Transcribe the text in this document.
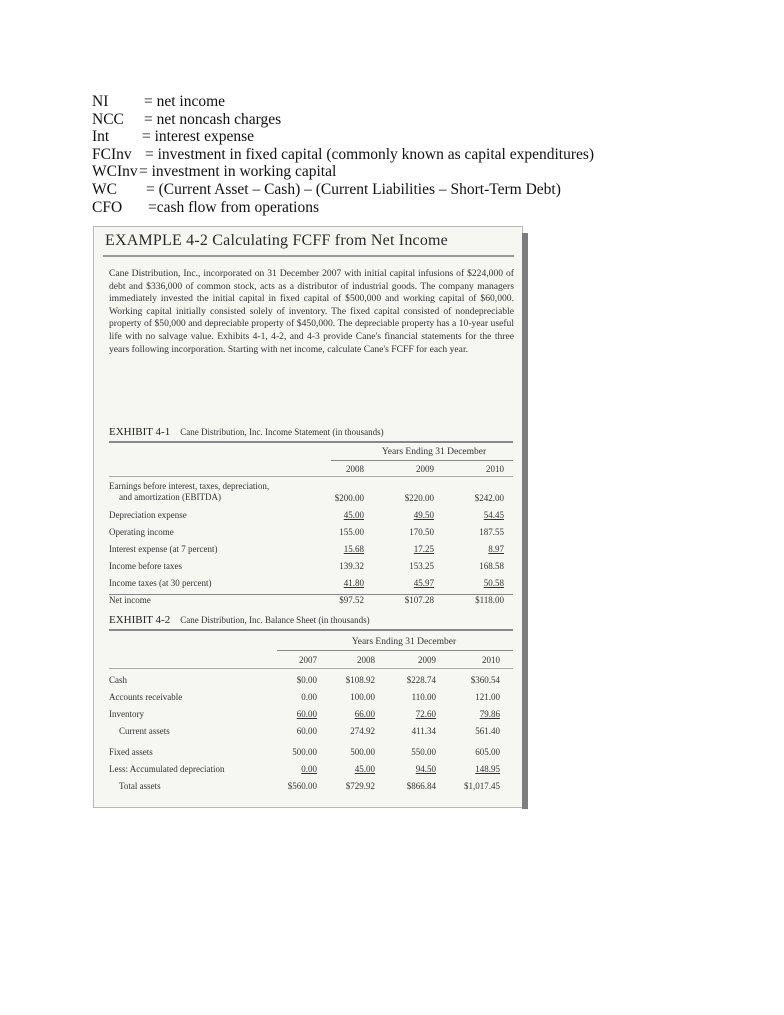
NI = net income
NCC = net noncash charges
Int = interest expense
FCInv = investment in fixed capital (commonly known as capital expenditures)
WCInv= investment in working capital
WC = (Current Asset – Cash) – (Current Liabilities – Short-Term Debt)
CFO =cash flow from operations
EXAMPLE 4-2 Calculating FCFF from Net Income
Cane Distribution, Inc., incorporated on 31 December 2007 with initial capital infusions of $224,000 of debt and $336,000 of common stock, acts as a distributor of industrial goods. The company managers immediately invested the initial capital in fixed capital of $500,000 and working capital of $60,000. Working capital initially consisted solely of inventory. The fixed capital consisted of nondepreciable property of $50,000 and depreciable property of $450,000. The depreciable property has a 10-year useful life with no salvage value. Exhibits 4-1, 4-2, and 4-3 provide Cane's financial statements for the three years following incorporation. Starting with net income, calculate Cane's FCFF for each year.
EXHIBIT 4-1 Cane Distribution, Inc. Income Statement (in thousands)
Years Ending 31 December
2008	2009	2010
Earnings before interest, taxes, depreciation,
and amortization (EBITDA)	$200.00	$220.00	$242.00
Depreciation expense	45.00	49.50	54.45
Operating income	155.00	170.50	187.55
Interest expense (at 7 percent)	15.68	17.25	8.97
Income before taxes	139.32	153.25	168.58
Income taxes (at 30 percent)	41.80	45.97	50.58
Net income	$97.52	$107.28	$118.00
EXHIBIT 4-2 Cane Distribution, Inc. Balance Sheet (in thousands)
Years Ending 31 December
2007	2008	2009	2010
Cash	$0.00	$108.92	$228.74	$360.54
Accounts receivable	0.00	100.00	110.00	121.00
Inventory	60.00	66.00	72.60	79.86
Current assets	60.00	274.92	411.34	561.40
Fixed assets	500.00	500.00	550.00	605.00
Less: Accumulated depreciation	0.00	45.00	94.50	148.95
Total assets	$560.00	$729.92	$866.84	$1,017.45
